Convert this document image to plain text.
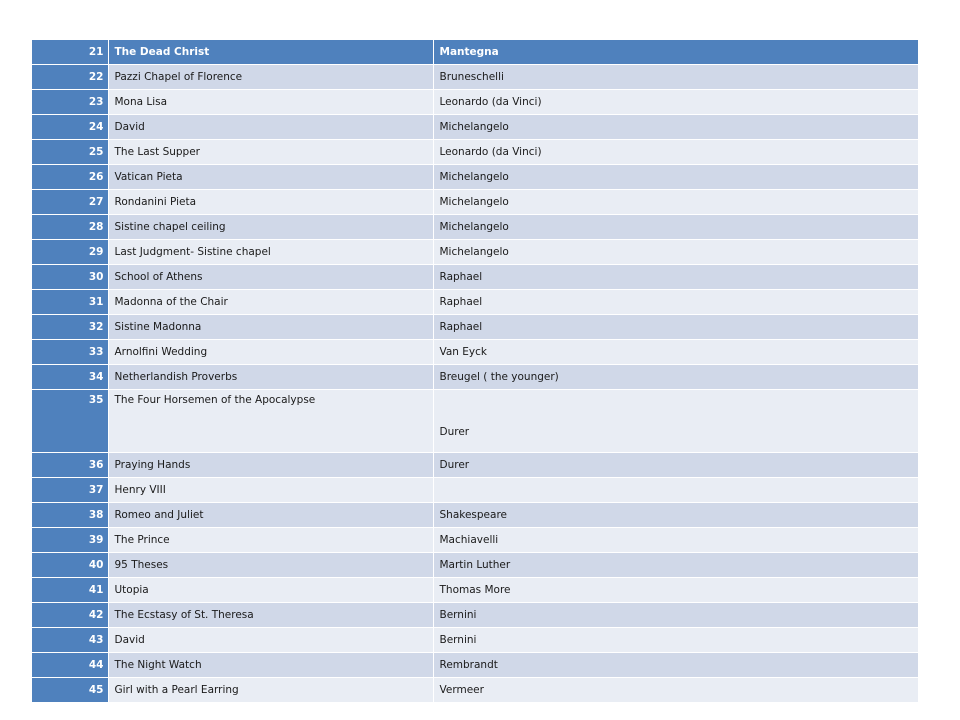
21	The Dead Christ	Mantegna
22	Pazzi Chapel of Florence	Bruneschelli
23	Mona Lisa	Leonardo (da Vinci)
24	David	Michelangelo
25	The Last Supper	Leonardo (da Vinci)
26	Vatican Pieta	Michelangelo
27	Rondanini Pieta	Michelangelo
28	Sistine chapel ceiling	Michelangelo
29	Last Judgment- Sistine chapel	Michelangelo
30	School of Athens	Raphael
31	Madonna of the Chair	Raphael
32	Sistine Madonna	Raphael
33	Arnolfini Wedding	Van Eyck
34	Netherlandish Proverbs	Breugel ( the younger)
35	The Four Horsemen of the Apocalypse	Durer
36	Praying Hands	Durer
37	Henry VIII	
38	Romeo and Juliet	Shakespeare
39	The Prince	Machiavelli
40	95 Theses	Martin Luther
41	Utopia	Thomas More
42	The Ecstasy of St. Theresa	Bernini
43	David	Bernini
44	The Night Watch	Rembrandt
45	Girl with a Pearl Earring	Vermeer
